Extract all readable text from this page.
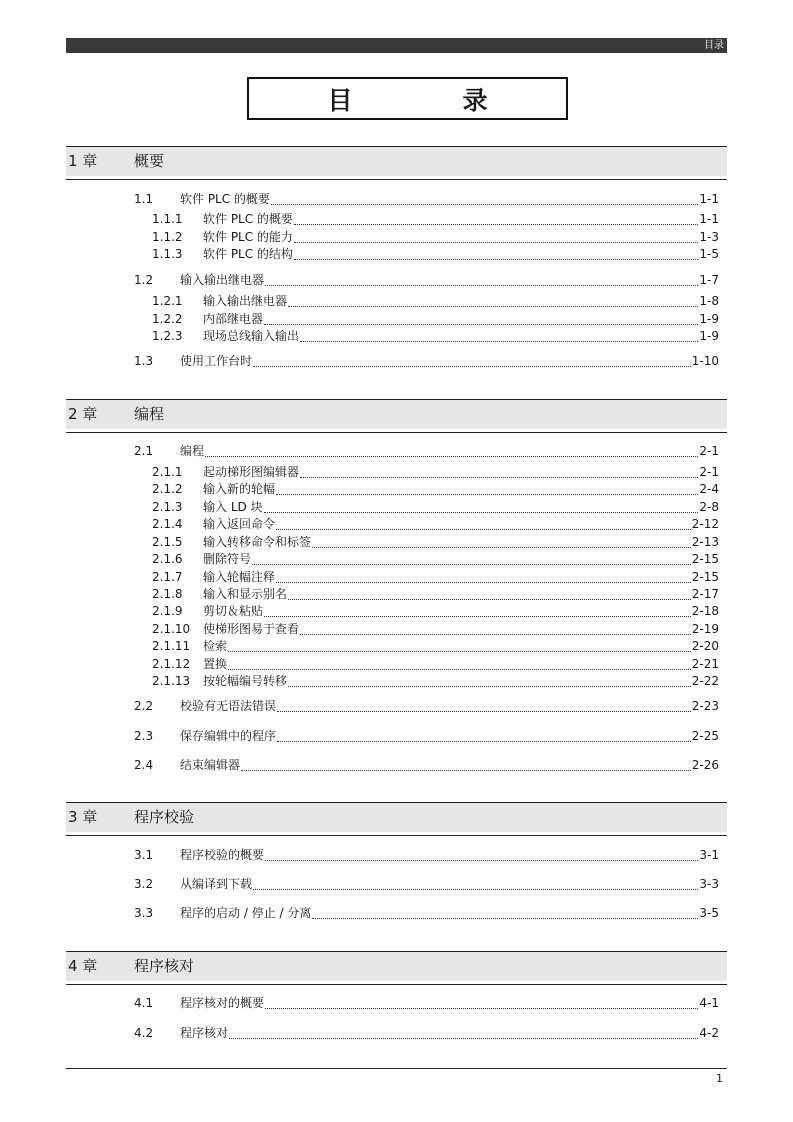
目录
目	录
1 章 概要
1.1	软件 PLC 的概要	1-1
1.1.1	软件 PLC 的概要	1-1
1.1.2	软件 PLC 的能力	1-3
1.1.3	软件 PLC 的结构	1-5
1.2	输入输出继电器	1-7
1.2.1	输入输出继电器	1-8
1.2.2	内部继电器	1-9
1.2.3	现场总线输入输出	1-9
1.3	使用工作台时	1-10
2 章 编程
2.1	编程	2-1
2.1.1	起动梯形图编辑器	2-1
2.1.2	输入新的轮幅	2-4
2.1.3	输入 LD 块	2-8
2.1.4	输入返回命令	2-12
2.1.5	输入转移命令和标签	2-13
2.1.6	删除符号	2-15
2.1.7	输入轮幅注释	2-15
2.1.8	输入和显示别名	2-17
2.1.9	剪切＆粘贴	2-18
2.1.10	使梯形图易于查看	2-19
2.1.11	检索	2-20
2.1.12	置换	2-21
2.1.13	按轮幅编号转移	2-22
2.2	校验有无语法错误	2-23
2.3	保存编辑中的程序	2-25
2.4	结束编辑器	2-26
3 章 程序校验
3.1	程序校验的概要	3-1
3.2	从编译到下载	3-3
3.3	程序的启动 / 停止 / 分离	3-5
4 章 程序核对
4.1	程序核对的概要	4-1
4.2	程序核对	4-2
1
